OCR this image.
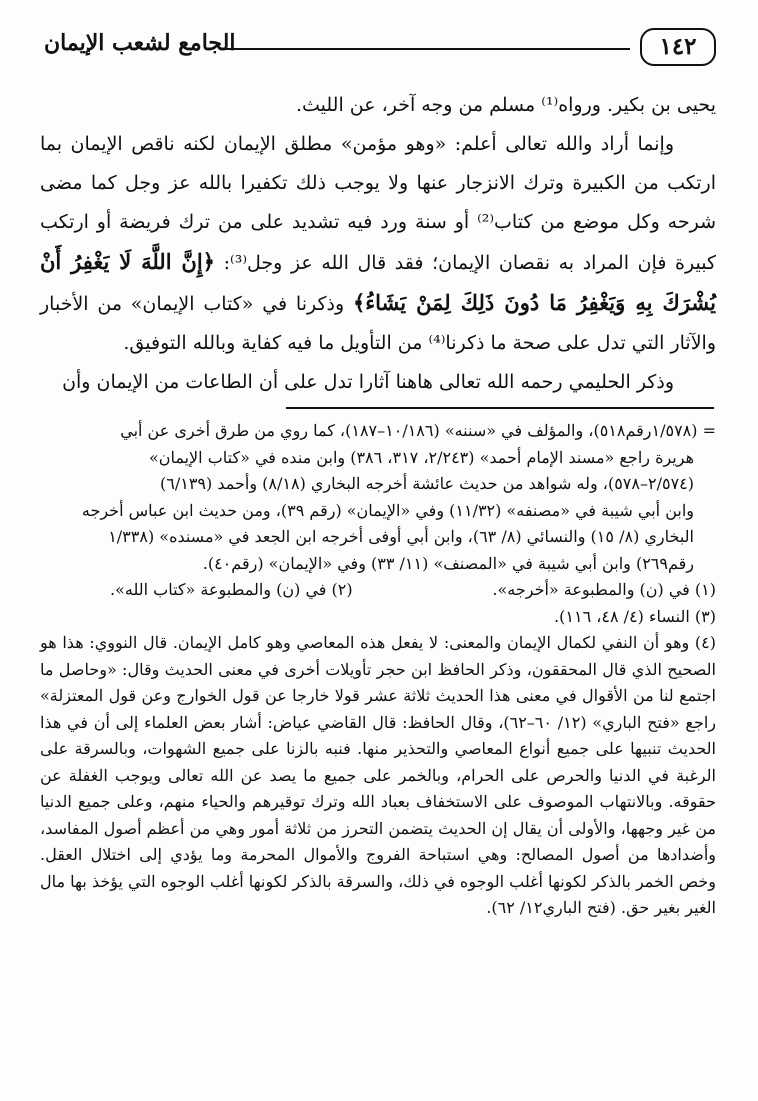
١٤٢
الجامع لشعب الإيمان

يحيى بن بكير. ورواه⁽¹⁾ مسلم من وجه آخر، عن الليث.

وإنما أراد والله تعالى أعلم: «وهو مؤمن» مطلق الإيمان لكنه ناقص الإيمان بما ارتكب من الكبيرة وترك الانزجار عنها ولا يوجب ذلك تكفيرا بالله عز وجل كما مضى شرحه وكل موضع من كتاب⁽²⁾ أو سنة ورد فيه تشديد على من ترك فريضة أو ارتكب كبيرة فإن المراد به نقصان الإيمان؛ فقد قال الله عز وجل⁽³⁾: ﴿إِنَّ اللَّهَ لَا يَغْفِرُ أَنْ يُشْرَكَ بِهِ وَيَغْفِرُ مَا دُونَ ذَلِكَ لِمَنْ يَشَاءُ﴾ وذكرنا في «كتاب الإيمان» من الأخبار والآثار التي تدل على صحة ما ذكرنا⁽⁴⁾ من التأويل ما فيه كفاية وبالله التوفيق.

وذكر الحليمي رحمه الله تعالى هاهنا آثارا تدل على أن الطاعات من الإيمان وأن

= (١/٥٧٨رقم٥١٨)، والمؤلف في «سننه» (١٠/١٨٦–١٨٧)، كما روي من طرق أخرى عن أبي

هريرة راجع «مسند الإمام أحمد» (٢/٢٤٣، ٣١٧، ٣٨٦) وابن منده في «كتاب الإيمان»

(٢/٥٧٤–٥٧٨)، وله شواهد من حديث عائشة أخرجه البخاري (٨/١٨) وأحمد (٦/١٣٩)

وابن أبي شيبة في «مصنفه» (١١/٣٢) وفي «الإيمان» (رقم ٣٩)، ومن حديث ابن عباس أخرجه

البخاري (٨/ ١٥) والنسائي (٨/ ٦٣)، وابن أبي أوفى أخرجه ابن الجعد في «مسنده» (١/٣٣٨

رقم٢٦٩) وابن أبي شيبة في «المصنف» (١١/ ٣٣) وفي «الإيمان» (رقم٤٠).

(١) في (ن) والمطبوعة «أخرجه».
(٢) في (ن) والمطبوعة «كتاب الله».

(٣) النساء (٤/ ٤٨، ١١٦).

(٤) وهو أن النفي لكمال الإيمان والمعنى: لا يفعل هذه المعاصي وهو كامل الإيمان. قال النووي: هذا هو الصحيح الذي قال المحققون، وذكر الحافظ ابن حجر تأويلات أخرى في معنى الحديث وقال: «وحاصل ما اجتمع لنا من الأقوال في معنى هذا الحديث ثلاثة عشر قولا خارجا عن قول الخوارج وعن قول المعتزلة» راجع «فتح الباري» (١٢/ ٦٠–٦٢)، وقال الحافظ: قال القاضي عياض: أشار بعض العلماء إلى أن في هذا الحديث تنبيها على جميع أنواع المعاصي والتحذير منها. فنبه بالزنا على جميع الشهوات، وبالسرقة على الرغبة في الدنيا والحرص على الحرام، وبالخمر على جميع ما يصد عن الله تعالى ويوجب الغفلة عن حقوقه. وبالانتهاب الموصوف على الاستخفاف بعباد الله وترك توقيرهم والحياء منهم، وعلى جميع الدنيا من غير وجهها، والأولى أن يقال إن الحديث يتضمن التحرز من ثلاثة أمور وهي من أعظم أصول المفاسد، وأضدادها من أصول المصالح: وهي استباحة الفروج والأموال المحرمة وما يؤدي إلى اختلال العقل. وخص الخمر بالذكر لكونها أغلب الوجوه في ذلك، والسرقة بالذكر لكونها أغلب الوجوه التي يؤخذ بها مال الغير بغير حق. (فتح الباري١٢/ ٦٢).
